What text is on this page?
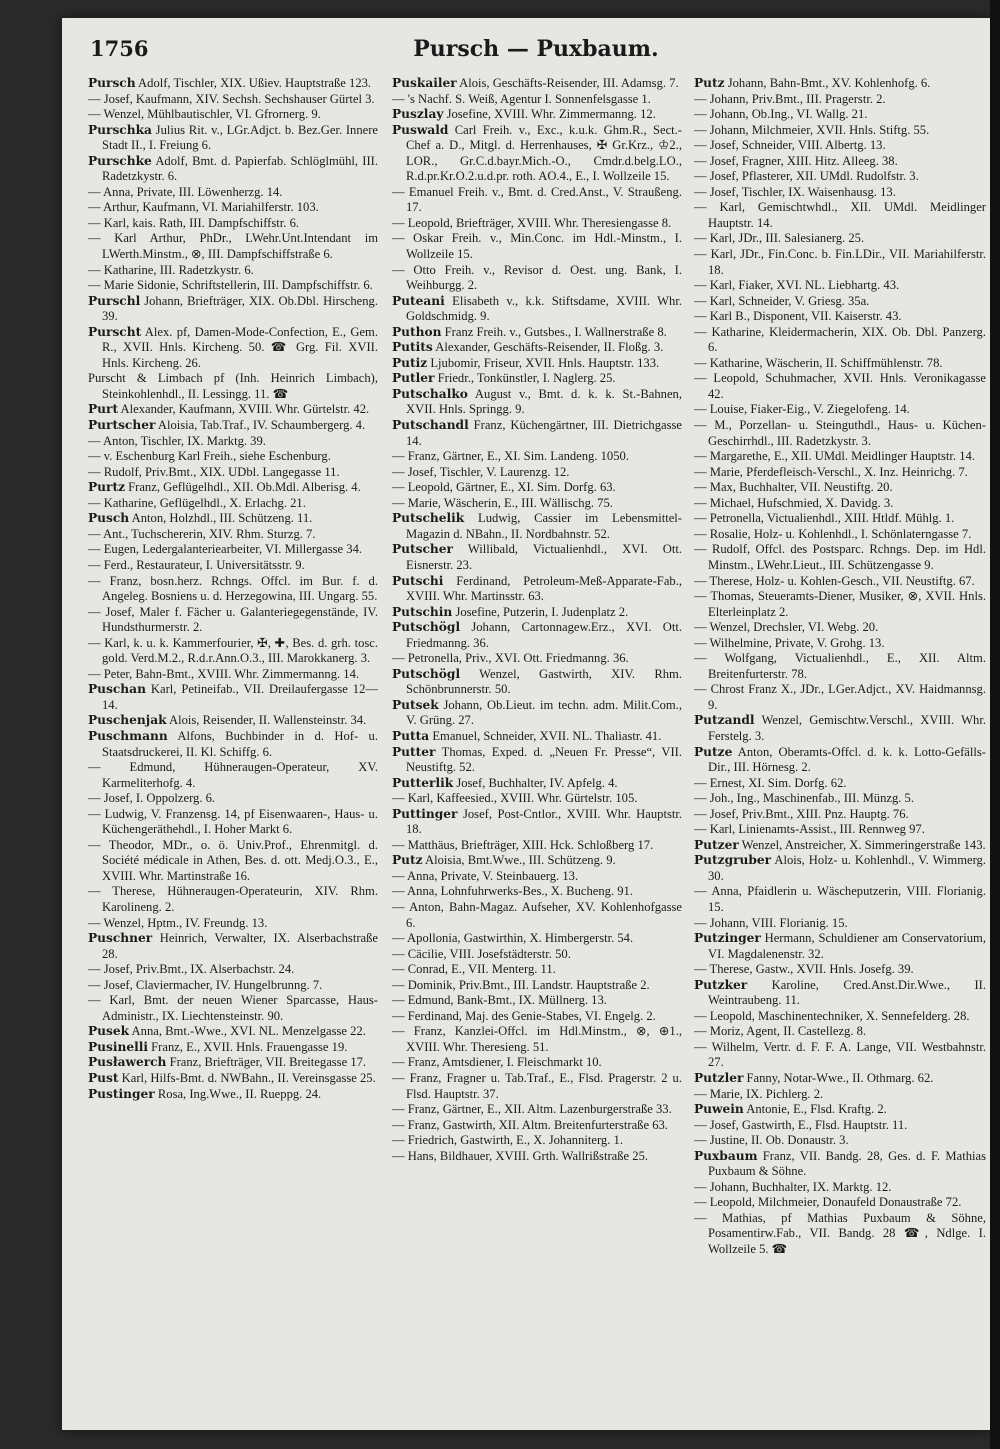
1756	Pursch — Puxbaum.

Pursch Adolf, Tischler, XIX. Ußiev. Hauptstraße 123.

— Josef, Kaufmann, XIV. Sechsh. Sechshauser Gürtel 3.

— Wenzel, Mühlbautischler, VI. Gfrornerg. 9.

Purschka Julius Rit. v., LGr.Adjct. b. Bez.Ger. Innere Stadt II., I. Freiung 6.

Purschke Adolf, Bmt. d. Papierfab. Schlöglmühl, III. Radetzkystr. 6.

— Anna, Private, III. Löwenherzg. 14.

— Arthur, Kaufmann, VI. Mariahilferstr. 103.

— Karl, kais. Rath, III. Dampfschiffstr. 6.

— Karl Arthur, PhDr., LWehr.Unt.Intendant im LWerth.Minstm., ⊗, III. Dampfschiffstraße 6.

— Katharine, III. Radetzkystr. 6.

— Marie Sidonie, Schriftstellerin, III. Dampfschiffstr. 6.

Purschl Johann, Briefträger, XIX. Ob.Dbl. Hirscheng. 39.

Purscht Alex. pf, Damen-Mode-Confection, E., Gem. R., XVII. Hnls. Kircheng. 50. ☎ Grg. Fil. XVII. Hnls. Kircheng. 26.

Purscht & Limbach pf (Inh. Heinrich Limbach), Steinkohlenhdl., II. Lessingg. 11. ☎

Purt Alexander, Kaufmann, XVIII. Whr. Gürtelstr. 42.

Purtscher Aloisia, Tab.Traf., IV. Schaumbergerg. 4.

— Anton, Tischler, IX. Marktg. 39.

— v. Eschenburg Karl Freih., siehe Eschenburg.

— Rudolf, Priv.Bmt., XIX. UDbl. Langegasse 11.

Purtz Franz, Geflügelhdl., XII. Ob.Mdl. Alberisg. 4.

— Katharine, Geflügelhdl., X. Erlachg. 21.

Pusch Anton, Holzhdl., III. Schützeng. 11.

— Ant., Tuchschererin, XIV. Rhm. Sturzg. 7.

— Eugen, Ledergalanteriearbeiter, VI. Millergasse 34.

— Ferd., Restaurateur, I. Universitätsstr. 9.

— Franz, bosn.herz. Rchngs. Offcl. im Bur. f. d. Angeleg. Bosniens u. d. Herzegowina, III. Ungarg. 55.

— Josef, Maler f. Fächer u. Galanteriegegenstände, IV. Hundsthurmerstr. 2.

— Karl, k. u. k. Kammerfourier, ✠, ✚, Bes. d. grh. tosc. gold. Verd.M.2., R.d.r.Ann.O.3., III. Marokkanerg. 3.

— Peter, Bahn-Bmt., XVIII. Whr. Zimmermanng. 14.

Puschan Karl, Petineifab., VII. Dreilaufergasse 12—14.

Puschenjak Alois, Reisender, II. Wallensteinstr. 34.

Puschmann Alfons, Buchbinder in d. Hof- u. Staatsdruckerei, II. Kl. Schiffg. 6.

— Edmund, Hühneraugen-Operateur, XV. Karmeliterhofg. 4.

— Josef, I. Oppolzerg. 6.

— Ludwig, V. Franzensg. 14, pf Eisenwaaren-, Haus- u. Küchengeräthehdl., I. Hoher Markt 6.

— Theodor, MDr., o. ö. Univ.Prof., Ehrenmitgl. d. Société médicale in Athen, Bes. d. ott. Medj.O.3., E., XVIII. Whr. Martinstraße 16.

— Therese, Hühneraugen-Operateurin, XIV. Rhm. Karolineng. 2.

— Wenzel, Hptm., IV. Freundg. 13.

Puschner Heinrich, Verwalter, IX. Alserbachstraße 28.

— Josef, Priv.Bmt., IX. Alserbachstr. 24.

— Josef, Claviermacher, IV. Hungelbrunng. 7.

— Karl, Bmt. der neuen Wiener Sparcasse, Haus-Administr., IX. Liechtensteinstr. 90.

Pusek Anna, Bmt.-Wwe., XVI. NL. Menzelgasse 22.

Pusinelli Franz, E., XVII. Hnls. Frauengasse 19.

Pusławerch Franz, Briefträger, VII. Breitegasse 17.

Pust Karl, Hilfs-Bmt. d. NWBahn., II. Vereinsgasse 25.

Pustinger Rosa, Ing.Wwe., II. Rueppg. 24.

Puskailer Alois, Geschäfts-Reisender, III. Adamsg. 7.

— 's Nachf. S. Weiß, Agentur I. Sonnenfelsgasse 1.

Puszlay Josefine, XVIII. Whr. Zimmermanng. 12.

Puswald Carl Freih. v., Exc., k.u.k. Ghm.R., Sect.-Chef a. D., Mitgl. d. Herrenhauses, ✠ Gr.Krz., ♔2., LOR., Gr.C.d.bayr.Mich.-O., Cmdr.d.belg.LO., R.d.pr.Kr.O.2.u.d.pr. roth. AO.4., E., I. Wollzeile 15.

— Emanuel Freih. v., Bmt. d. Cred.Anst., V. Straußeng. 17.

— Leopold, Briefträger, XVIII. Whr. Theresiengasse 8.

— Oskar Freih. v., Min.Conc. im Hdl.-Minstm., I. Wollzeile 15.

— Otto Freih. v., Revisor d. Oest. ung. Bank, I. Weihburgg. 2.

Puteani Elisabeth v., k.k. Stiftsdame, XVIII. Whr. Goldschmidg. 9.

Puthon Franz Freih. v., Gutsbes., I. Wallnerstraße 8.

Putits Alexander, Geschäfts-Reisender, II. Floßg. 3.

Putiz Ljubomir, Friseur, XVII. Hnls. Hauptstr. 133.

Putler Friedr., Tonkünstler, I. Naglerg. 25.

Putschalko August v., Bmt. d. k. k. St.-Bahnen, XVII. Hnls. Springg. 9.

Putschandl Franz, Küchengärtner, III. Dietrichgasse 14.

— Franz, Gärtner, E., XI. Sim. Landeng. 1050.

— Josef, Tischler, V. Laurenzg. 12.

— Leopold, Gärtner, E., XI. Sim. Dorfg. 63.

— Marie, Wäscherin, E., III. Wällischg. 75.

Putschelik Ludwig, Cassier im Lebensmittel-Magazin d. NBahn., II. Nordbahnstr. 52.

Putscher Willibald, Victualienhdl., XVI. Ott. Eisnerstr. 23.

Putschi Ferdinand, Petroleum-Meß-Apparate-Fab., XVIII. Whr. Martinsstr. 63.

Putschin Josefine, Putzerin, I. Judenplatz 2.

Putschögl Johann, Cartonnagew.Erz., XVI. Ott. Friedmanng. 36.

— Petronella, Priv., XVI. Ott. Friedmanng. 36.

Putschögl Wenzel, Gastwirth, XIV. Rhm. Schönbrunnerstr. 50.

Putsek Johann, Ob.Lieut. im techn. adm. Milit.Com., V. Grüng. 27.

Putta Emanuel, Schneider, XVII. NL. Thaliastr. 41.

Putter Thomas, Exped. d. „Neuen Fr. Presse“, VII. Neustiftg. 52.

Putterlik Josef, Buchhalter, IV. Apfelg. 4.

— Karl, Kaffeesied., XVIII. Whr. Gürtelstr. 105.

Puttinger Josef, Post-Cntlor., XVIII. Whr. Hauptstr. 18.

— Matthäus, Briefträger, XIII. Hck. Schloßberg 17.

Putz Aloisia, Bmt.Wwe., III. Schützeng. 9.

— Anna, Private, V. Steinbauerg. 13.

— Anna, Lohnfuhrwerks-Bes., X. Bucheng. 91.

— Anton, Bahn-Magaz. Aufseher, XV. Kohlenhofgasse 6.

— Apollonia, Gastwirthin, X. Himbergerstr. 54.

— Cäcilie, VIII. Josefstädterstr. 50.

— Conrad, E., VII. Menterg. 11.

— Dominik, Priv.Bmt., III. Landstr. Hauptstraße 2.

— Edmund, Bank-Bmt., IX. Müllnerg. 13.

— Ferdinand, Maj. des Genie-Stabes, VI. Engelg. 2.

— Franz, Kanzlei-Offcl. im Hdl.Minstm., ⊗, ⊕1., XVIII. Whr. Theresieng. 51.

— Franz, Amtsdiener, I. Fleischmarkt 10.

— Franz, Fragner u. Tab.Traf., E., Flsd. Pragerstr. 2 u. Flsd. Hauptstr. 37.

— Franz, Gärtner, E., XII. Altm. Lazenburgerstraße 33.

— Franz, Gastwirth, XII. Altm. Breitenfurterstraße 63.

— Friedrich, Gastwirth, E., X. Johanniterg. 1.

— Hans, Bildhauer, XVIII. Grth. Wallrißstraße 25.

Putz Johann, Bahn-Bmt., XV. Kohlenhofg. 6.

— Johann, Priv.Bmt., III. Pragerstr. 2.

— Johann, Ob.Ing., VI. Wallg. 21.

— Johann, Milchmeier, XVII. Hnls. Stiftg. 55.

— Josef, Schneider, VIII. Albertg. 13.

— Josef, Fragner, XIII. Hitz. Alleeg. 38.

— Josef, Pflasterer, XII. UMdl. Rudolfstr. 3.

— Josef, Tischler, IX. Waisenhausg. 13.

— Karl, Gemischtwhdl., XII. UMdl. Meidlinger Hauptstr. 14.

— Karl, JDr., III. Salesianerg. 25.

— Karl, JDr., Fin.Conc. b. Fin.LDir., VII. Mariahilferstr. 18.

— Karl, Fiaker, XVI. NL. Liebhartg. 43.

— Karl, Schneider, V. Griesg. 35a.

— Karl B., Disponent, VII. Kaiserstr. 43.

— Katharine, Kleidermacherin, XIX. Ob. Dbl. Panzerg. 6.

— Katharine, Wäscherin, II. Schiffmühlenstr. 78.

— Leopold, Schuhmacher, XVII. Hnls. Veronikagasse 42.

— Louise, Fiaker-Eig., V. Ziegelofeng. 14.

— M., Porzellan- u. Steinguthdl., Haus- u. Küchen-Geschirrhdl., III. Radetzkystr. 3.

— Margarethe, E., XII. UMdl. Meidlinger Hauptstr. 14.

— Marie, Pferdefleisch-Verschl., X. Inz. Heinrichg. 7.

— Max, Buchhalter, VII. Neustiftg. 20.

— Michael, Hufschmied, X. Davidg. 3.

— Petronella, Victualienhdl., XIII. Htldf. Mühlg. 1.

— Rosalie, Holz- u. Kohlenhdl., I. Schönlaterngasse 7.

— Rudolf, Offcl. des Postsparc. Rchngs. Dep. im Hdl. Minstm., LWehr.Lieut., III. Schützengasse 9.

— Therese, Holz- u. Kohlen-Gesch., VII. Neustiftg. 67.

— Thomas, Steueramts-Diener, Musiker, ⊗, XVII. Hnls. Elterleinplatz 2.

— Wenzel, Drechsler, VI. Webg. 20.

— Wilhelmine, Private, V. Grohg. 13.

— Wolfgang, Victualienhdl., E., XII. Altm. Breitenfurterstr. 78.

— Chrost Franz X., JDr., LGer.Adjct., XV. Haidmannsg. 9.

Putzandl Wenzel, Gemischtw.Verschl., XVIII. Whr. Ferstelg. 3.

Putze Anton, Oberamts-Offcl. d. k. k. Lotto-Gefälls-Dir., III. Hörnesg. 2.

— Ernest, XI. Sim. Dorfg. 62.

— Joh., Ing., Maschinenfab., III. Münzg. 5.

— Josef, Priv.Bmt., XIII. Pnz. Hauptg. 76.

— Karl, Linienamts-Assist., III. Rennweg 97.

Putzer Wenzel, Anstreicher, X. Simmeringerstraße 143.

Putzgruber Alois, Holz- u. Kohlenhdl., V. Wimmerg. 30.

— Anna, Pfaidlerin u. Wäscheputzerin, VIII. Florianig. 15.

— Johann, VIII. Florianig. 15.

Putzinger Hermann, Schuldiener am Conservatorium, VI. Magdalenenstr. 32.

— Therese, Gastw., XVII. Hnls. Josefg. 39.

Putzker Karoline, Cred.Anst.Dir.Wwe., II. Weintraubeng. 11.

— Leopold, Maschinentechniker, X. Sennefelderg. 28.

— Moriz, Agent, II. Castellezg. 8.

— Wilhelm, Vertr. d. F. F. A. Lange, VII. Westbahnstr. 27.

Putzler Fanny, Notar-Wwe., II. Othmarg. 62.

— Marie, IX. Pichlerg. 2.

Puwein Antonie, E., Flsd. Kraftg. 2.

— Josef, Gastwirth, E., Flsd. Hauptstr. 11.

— Justine, II. Ob. Donaustr. 3.

Puxbaum Franz, VII. Bandg. 28, Ges. d. F. Mathias Puxbaum & Söhne.

— Johann, Buchhalter, IX. Marktg. 12.

— Leopold, Milchmeier, Donaufeld Donaustraße 72.

— Mathias, pf Mathias Puxbaum & Söhne, Posamentirw.Fab., VII. Bandg. 28 ☎, Ndlge. I. Wollzeile 5. ☎
